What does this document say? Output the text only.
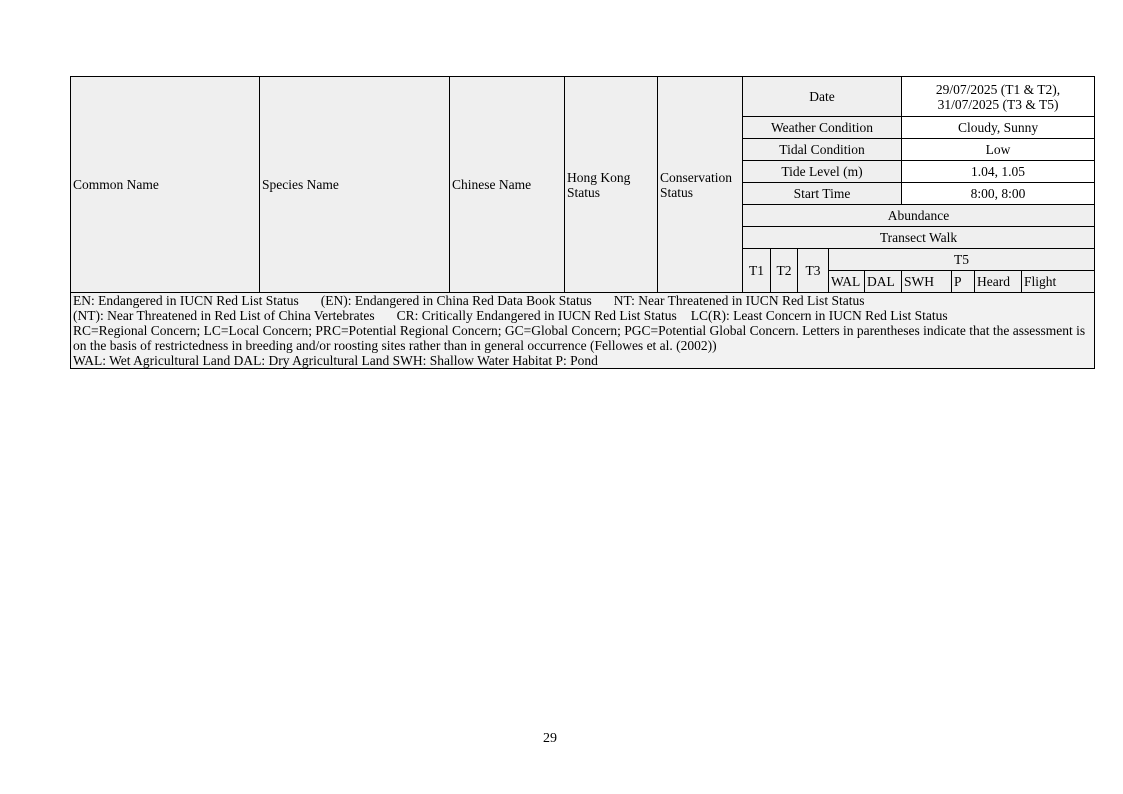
Common Name	Species Name	Chinese Name	Hong Kong Status	Conservation Status	Date					29/07/2025 (T1 & T2),
31/07/2025 (T3 & T5)			
					Weather Condition					Cloudy, Sunny			
					Tidal Condition					Low			
					Tide Level (m)					1.04, 1.05			
					Start Time					8:00, 8:00			
					Abundance								
					Transect Walk								
					T1	T2	T3	T5					
								WAL	DAL	SWH	P	Heard	Flight

EN: Endangered in IUCN Red List Status (EN): Endangered in China Red Data Book Status NT: Near Threatened in IUCN Red List Status
(NT): Near Threatened in Red List of China Vertebrates CR: Critically Endangered in IUCN Red List Status LC(R): Least Concern in IUCN Red List Status
RC=Regional Concern; LC=Local Concern; PRC=Potential Regional Concern; GC=Global Concern; PGC=Potential Global Concern. Letters in parentheses indicate that the assessment is on the basis of restrictedness in breeding and/or roosting sites rather than in general occurrence (Fellowes et al. (2002))
WAL: Wet Agricultural Land DAL: Dry Agricultural Land SWH: Shallow Water Habitat P: Pond													
29
